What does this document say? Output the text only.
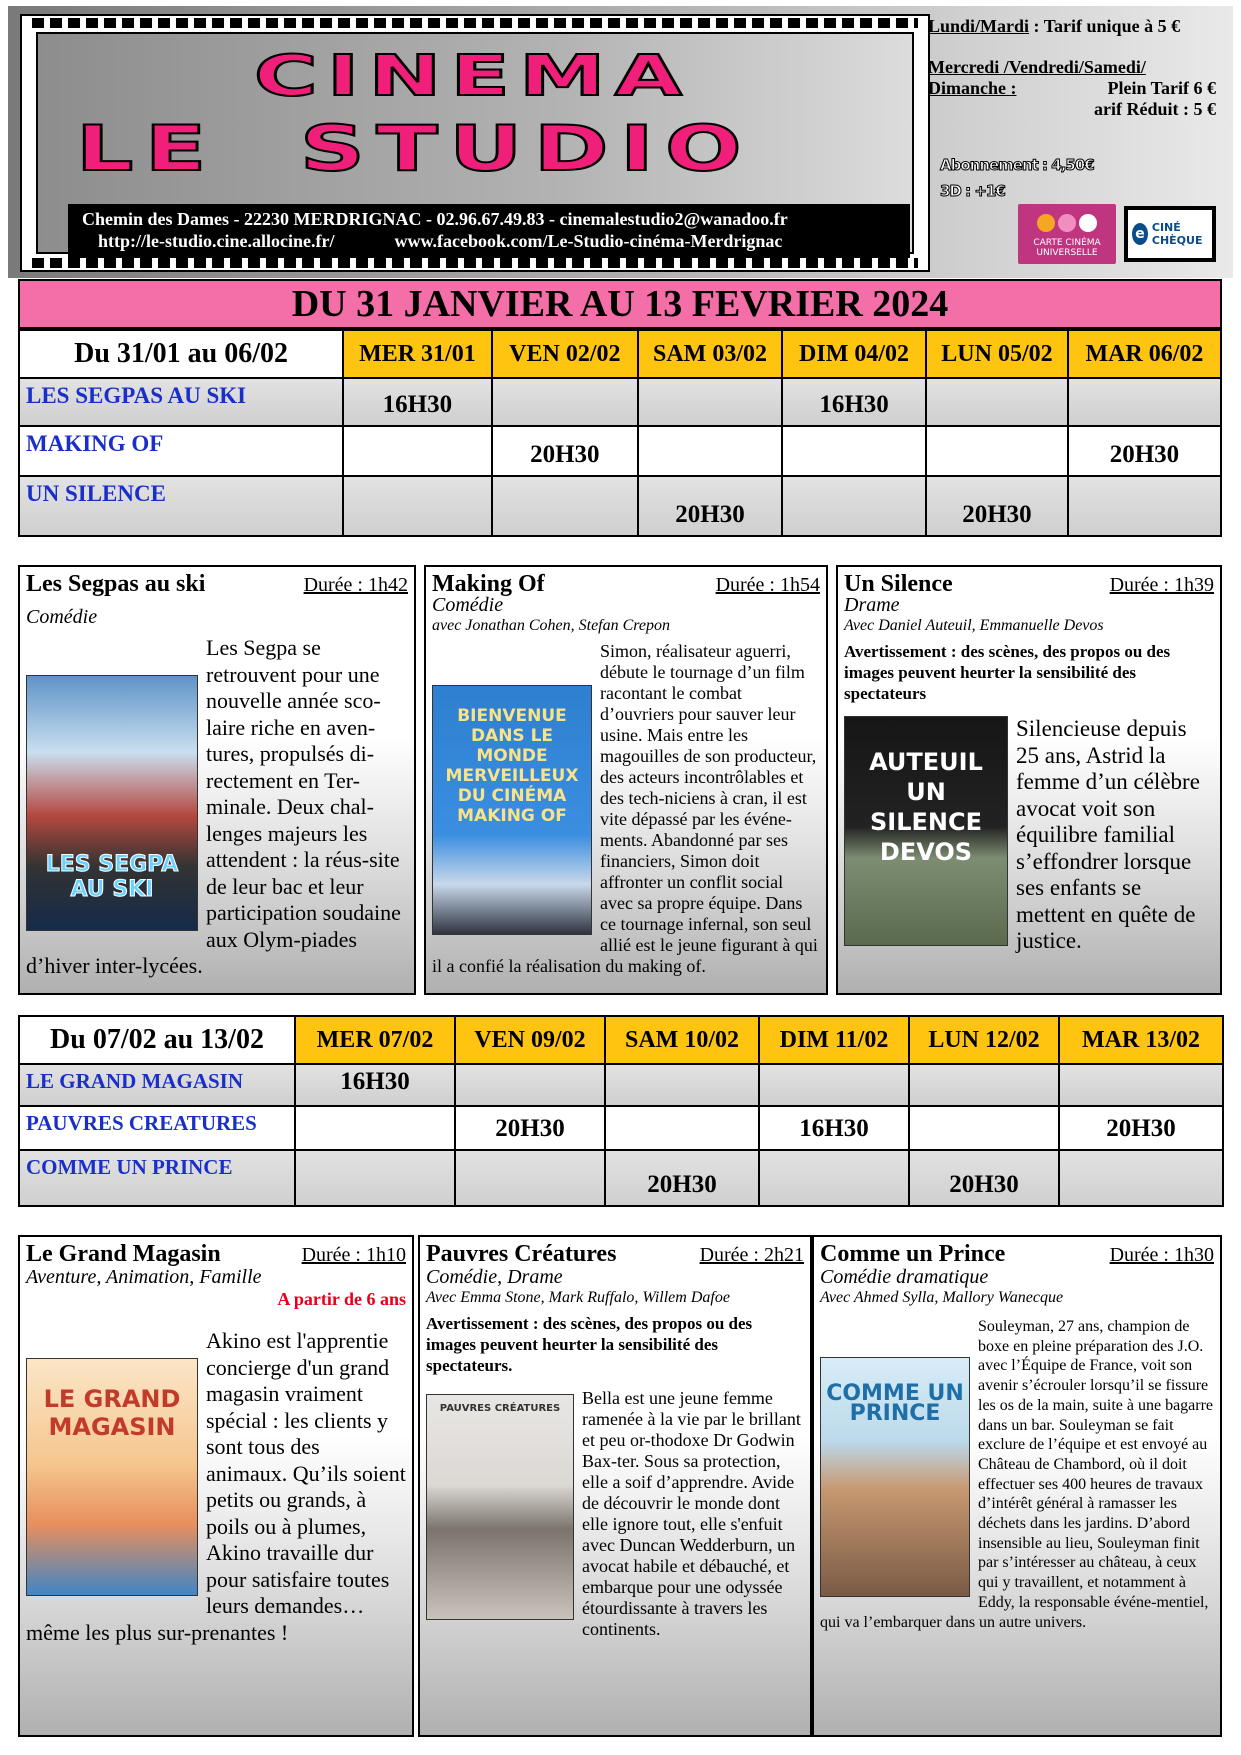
CINEMA
LE STUDIO
Chemin des Dames - 22230 MERDRIGNAC - 02.96.67.49.83 - cinemalestudio2@wanadoo.fr
http://le-studio.cine.allocine.fr/	www.facebook.com/Le-Studio-cinéma-Merdrignac
Lundi/Mardi : Tarif unique à 5 €
Mercredi /Vendredi/Samedi/
Dimanche :	Plein Tarif 6 €
arif Réduit : 5 €
Abonnement : 4,50€
3D : +1€
CARTE CINÉMA UNIVERSELLE
e CINÉ CHÈQUE
DU 31 JANVIER AU 13 FEVRIER 2024
Du 31/01 au 06/02	MER 31/01	VEN 02/02	SAM 03/02	DIM 04/02	LUN 05/02	MAR 06/02
LES SEGPAS AU SKI	16H30			16H30		
MAKING OF		20H30				20H30
UN SILENCE			20H30		20H30	
Les Segpas au ski	Durée : 1h42
Comédie
LES SEGPA AU SKI
Les Segpa se retrouvent pour une nouvelle année sco-laire riche en aven-tures, propulsés di-rectement en Ter-minale. Deux chal-lenges majeurs les attendent : la réus-site de leur bac et leur participation soudaine aux Olym-piades d’hiver inter-lycées.
Making Of	Durée : 1h54
Comédie
avec Jonathan Cohen, Stefan Crepon
BIENVENUE DANS LE MONDE MERVEILLEUX DU CINÉMA MAKING OF
Simon, réalisateur aguerri, débute le tournage d’un film racontant le combat d’ouvriers pour sauver leur usine. Mais entre les magouilles de son producteur, des acteurs incontrôlables et des tech-niciens à cran, il est vite dépassé par les événe-ments. Abandonné par ses financiers, Simon doit affronter un conflit social avec sa propre équipe. Dans ce tournage infernal, son seul allié est le jeune figurant à qui il a confié la réalisation du making of.
Un Silence	Durée : 1h39
Drame
Avec Daniel Auteuil, Emmanuelle Devos
Avertissement : des scènes, des propos ou des images peuvent heurter la sensibilité des spectateurs
AUTEUIL UN SILENCE DEVOS
Silencieuse depuis 25 ans, Astrid la femme d’un célèbre avocat voit son équilibre familial s’effondrer lorsque ses enfants se mettent en quête de justice.
Du 07/02 au 13/02	MER 07/02	VEN 09/02	SAM 10/02	DIM 11/02	LUN 12/02	MAR 13/02
LE GRAND MAGASIN	16H30					
PAUVRES CREATURES		20H30		16H30		20H30
COMME UN PRINCE			20H30		20H30	
Le Grand Magasin	Durée : 1h10
Aventure, Animation, Famille
A partir de 6 ans
LE GRAND MAGASIN
Akino est l'apprentie concierge d'un grand magasin vraiment spécial : les clients y sont tous des animaux. Qu’ils soient petits ou grands, à poils ou à plumes, Akino travaille dur pour satisfaire toutes leurs demandes… même les plus sur-prenantes !
Pauvres Créatures	Durée : 2h21
Comédie, Drame
Avec Emma Stone, Mark Ruffalo, Willem Dafoe
Avertissement : des scènes, des propos ou des images peuvent heurter la sensibilité des spectateurs.
PAUVRES CRÉATURES
Bella est une jeune femme ramenée à la vie par le brillant et peu or-thodoxe Dr Godwin Bax-ter. Sous sa protection, elle a soif d’apprendre. Avide de découvrir le monde dont elle ignore tout, elle s'enfuit avec Duncan Wedderburn, un avocat habile et débauché, et embarque pour une odyssée étourdissante à travers les continents.
Comme un Prince	Durée : 1h30
Comédie dramatique
Avec Ahmed Sylla, Mallory Wanecque
COMME UN PRINCE
Souleyman, 27 ans, champion de boxe en pleine préparation des J.O. avec l’Équipe de France, voit son avenir s’écrouler lorsqu’il se fissure les os de la main, suite à une bagarre dans un bar. Souleyman se fait exclure de l’équipe et est envoyé au Château de Chambord, où il doit effectuer ses 400 heures de travaux d’intérêt général à ramasser les déchets dans les jardins. D’abord insensible au lieu, Souleyman finit par s’intéresser au château, à ceux qui y travaillent, et notamment à Eddy, la responsable événe-mentiel, qui va l’embarquer dans un autre univers.
